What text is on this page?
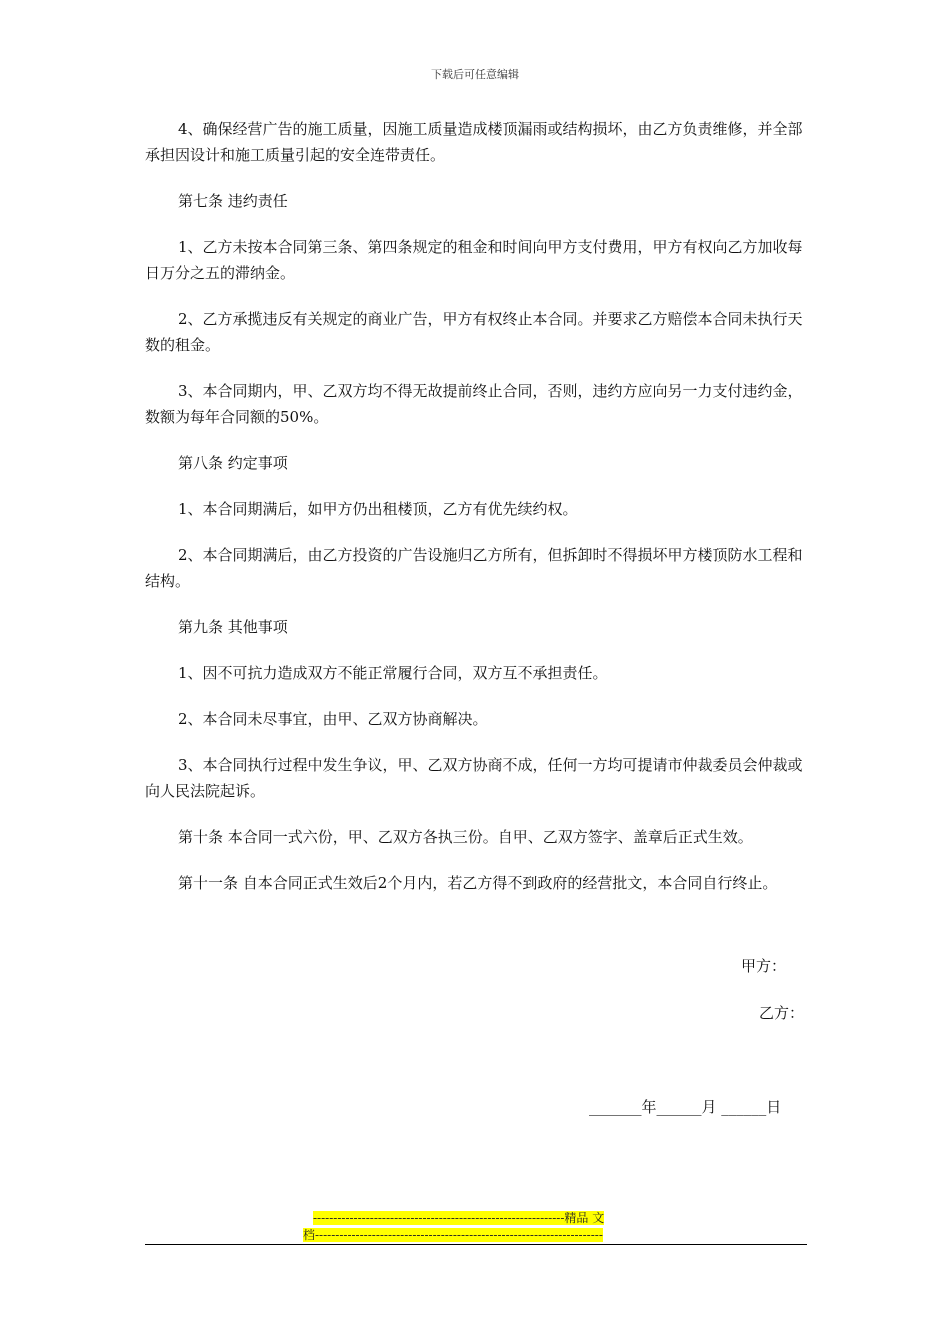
下载后可任意编辑

4、确保经营广告的施工质量，因施工质量造成楼顶漏雨或结构损坏，由乙方负责维修，并全部承担因设计和施工质量引起的安全连带责任。

第七条 违约责任

1、乙方未按本合同第三条、第四条规定的租金和时间向甲方支付费用，甲方有权向乙方加收每日万分之五的滞纳金。

2、乙方承揽违反有关规定的商业广告，甲方有权终止本合同。并要求乙方赔偿本合同未执行天数的租金。

3、本合同期内，甲、乙双方均不得无故提前终止合同，否则，违约方应向另一力支付违约金，数额为每年合同额的50%。

第八条 约定事项

1、本合同期满后，如甲方仍出租楼顶，乙方有优先续约权。

2、本合同期满后，由乙方投资的广告设施归乙方所有，但拆卸时不得损坏甲方楼顶防水工程和结构。

第九条 其他事项

1、因不可抗力造成双方不能正常履行合同，双方互不承担责任。

2、本合同未尽事宜，由甲、乙双方协商解决。

3、本合同执行过程中发生争议，甲、乙双方协商不成，任何一方均可提请市仲裁委员会仲裁或向人民法院起诉。

第十条 本合同一式六份，甲、乙双方各执三份。自甲、乙双方签字、盖章后正式生效。

第十一条 自本合同正式生效后2个月内，若乙方得不到政府的经营批文，本合同自行终止。

甲方：
乙方：
_______年______月 ______日
--------------------------------------------------------------精品 文
档-----------------------------------------------------------------------
